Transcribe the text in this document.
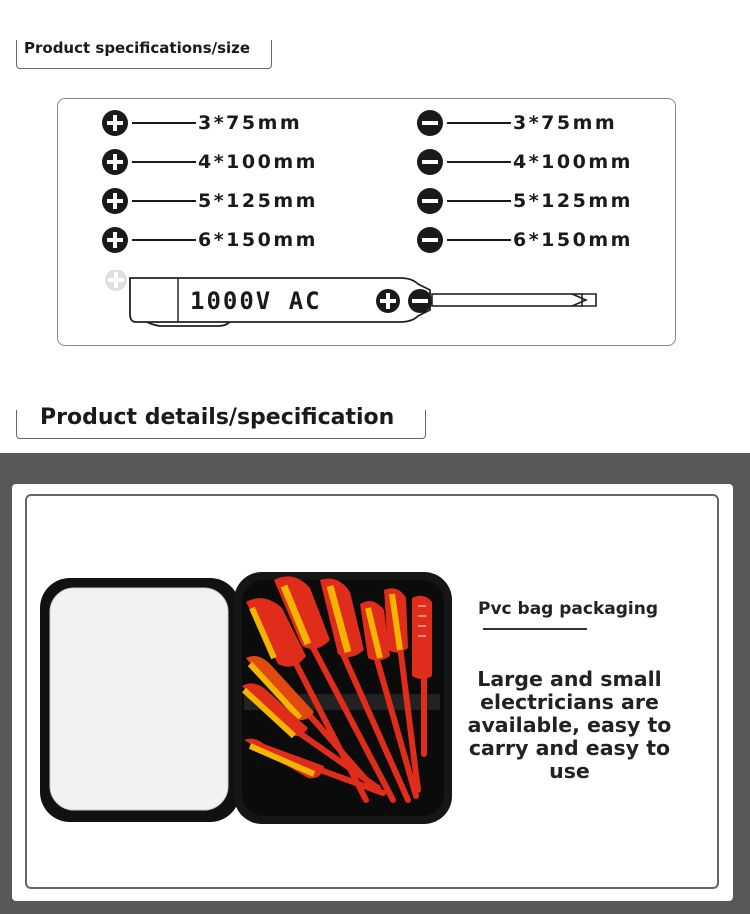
Product specifications/size
3*75mm
4*100mm
5*125mm
6*150mm
3*75mm
4*100mm
5*125mm
6*150mm
1000V AC
Product details/specification
Pvc bag packaging
Large and small electricians are available, easy to carry and easy to use
